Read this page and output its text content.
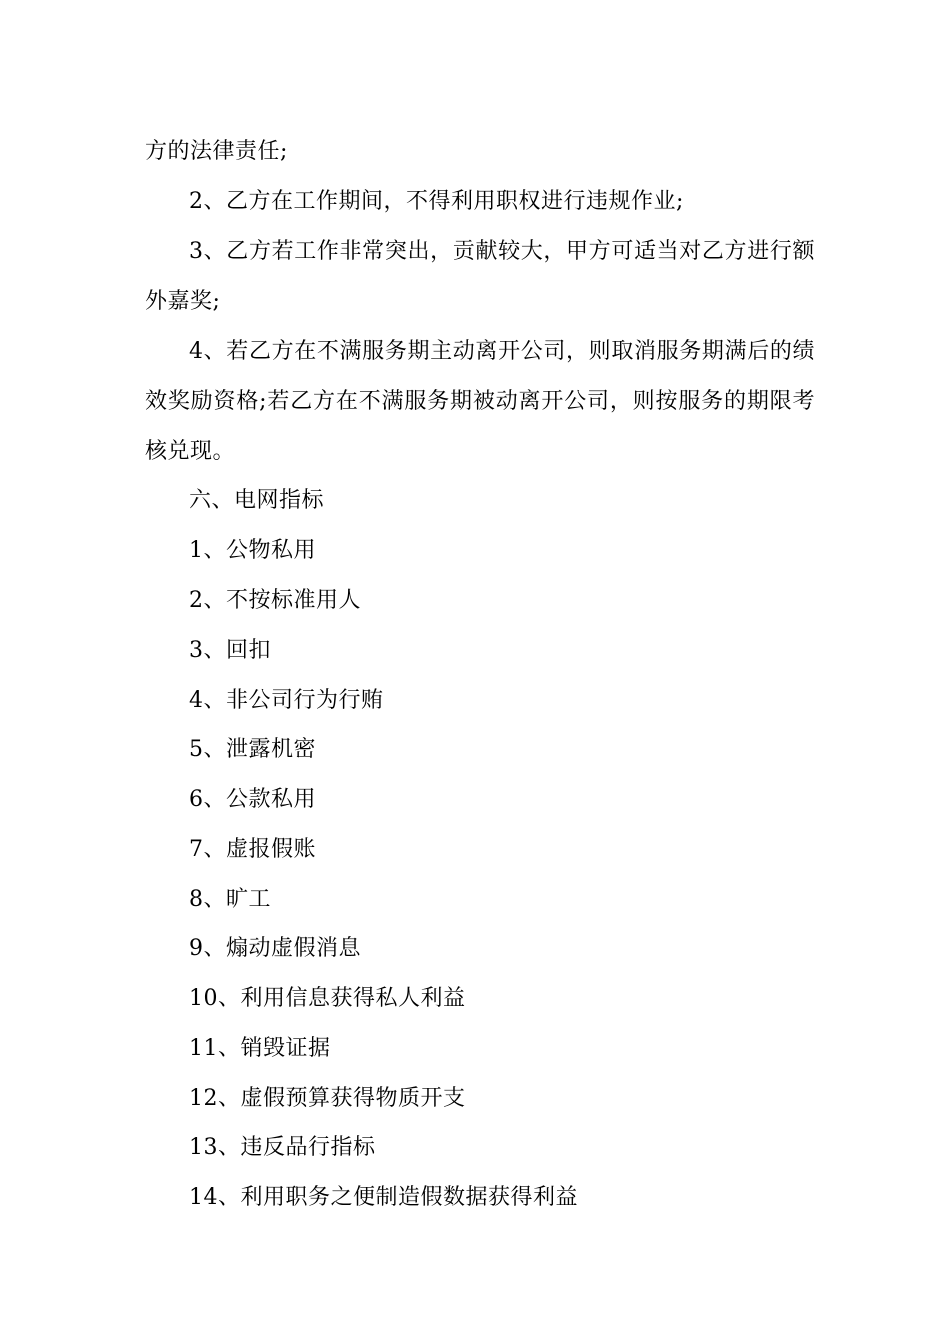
方的法律责任;
2、乙方在工作期间，不得利用职权进行违规作业;
3、乙方若工作非常突出，贡献较大，甲方可适当对乙方进行额
外嘉奖;
4、若乙方在不满服务期主动离开公司，则取消服务期满后的绩
效奖励资格;若乙方在不满服务期被动离开公司，则按服务的期限考
核兑现。
六、电网指标
1、公物私用
2、不按标准用人
3、回扣
4、非公司行为行贿
5、泄露机密
6、公款私用
7、虚报假账
8、旷工
9、煽动虚假消息
10、利用信息获得私人利益
11、销毁证据
12、虚假预算获得物质开支
13、违反品行指标
14、利用职务之便制造假数据获得利益
